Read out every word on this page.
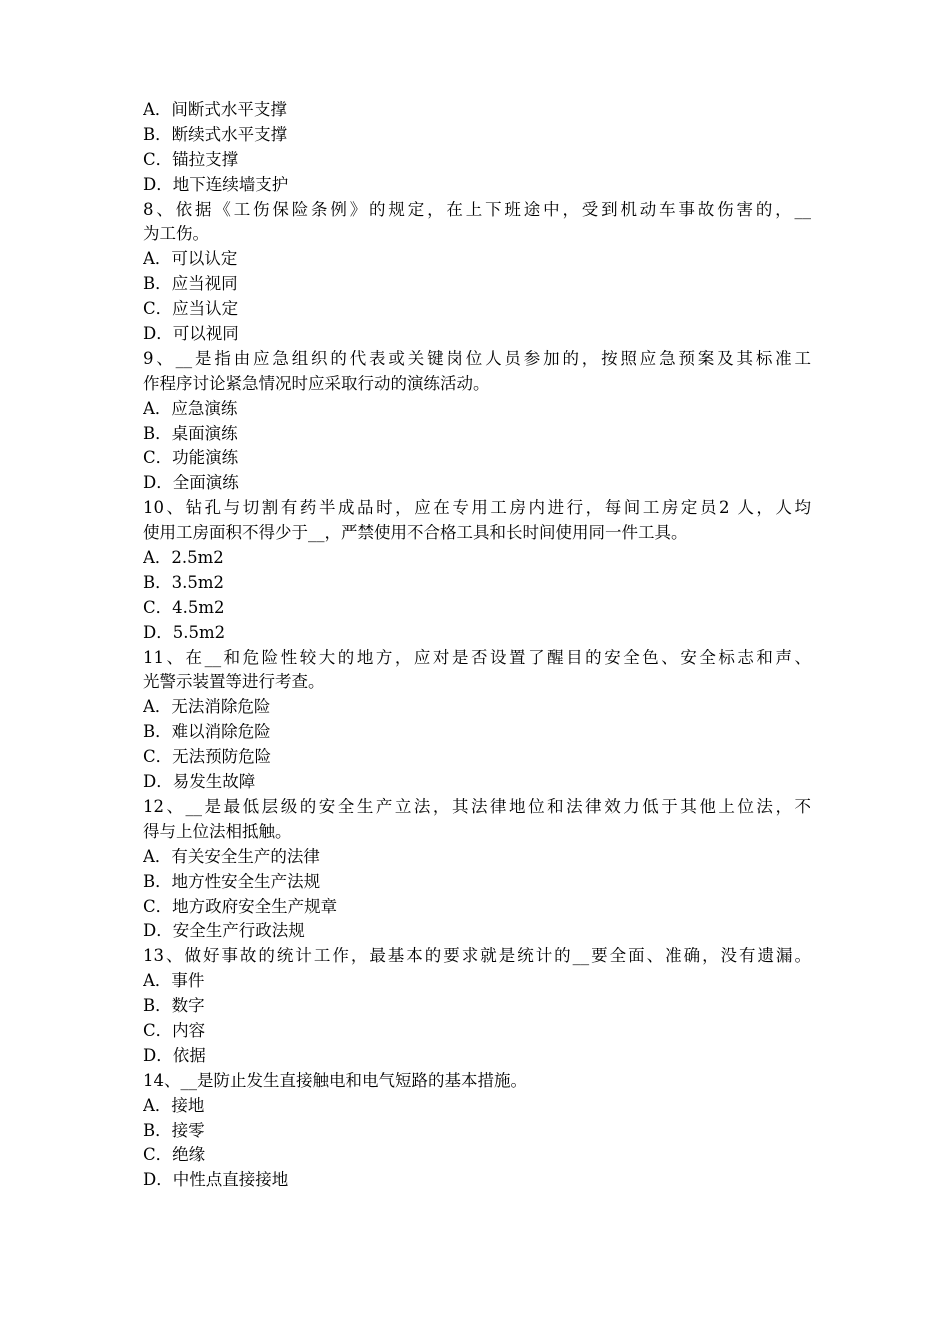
A．间断式水平支撑
B．断续式水平支撑
C．锚拉支撑
D．地下连续墙支护
8、依据《工伤保险条例》的规定，在上下班途中，受到机动车事故伤害的，__
为工伤。
A．可以认定
B．应当视同
C．应当认定
D．可以视同
9、__是指由应急组织的代表或关键岗位人员参加的，按照应急预案及其标准工
作程序讨论紧急情况时应采取行动的演练活动。
A．应急演练
B．桌面演练
C．功能演练
D．全面演练
10、钻孔与切割有药半成品时，应在专用工房内进行，每间工房定员2 人，人均
使用工房面积不得少于__，严禁使用不合格工具和长时间使用同一件工具。
A．2.5m2
B．3.5m2
C．4.5m2
D．5.5m2
11、在__和危险性较大的地方，应对是否设置了醒目的安全色、安全标志和声、
光警示装置等进行考查。
A．无法消除危险
B．难以消除危险
C．无法预防危险
D．易发生故障
12、__是最低层级的安全生产立法，其法律地位和法律效力低于其他上位法，不
得与上位法相抵触。
A．有关安全生产的法律
B．地方性安全生产法规
C．地方政府安全生产规章
D．安全生产行政法规
13、做好事故的统计工作，最基本的要求就是统计的__要全面、准确，没有遗漏。
A．事件
B．数字
C．内容
D．依据
14、__是防止发生直接触电和电气短路的基本措施。
A．接地
B．接零
C．绝缘
D．中性点直接接地
